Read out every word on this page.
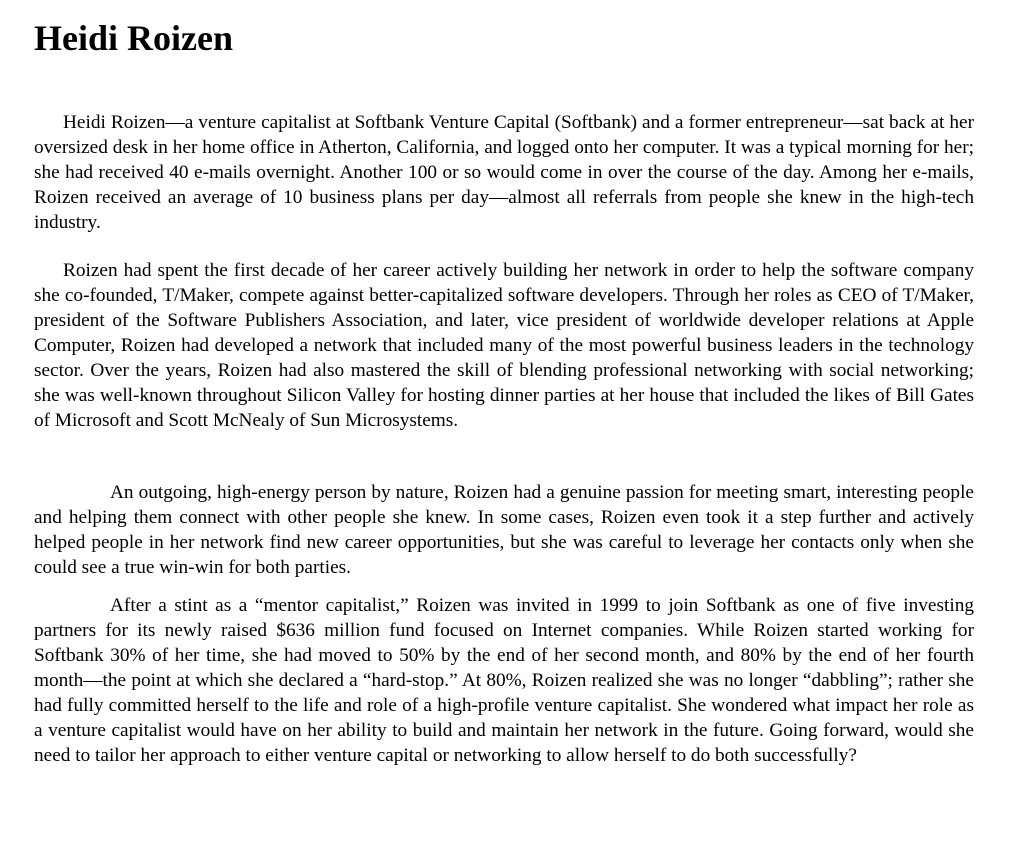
Heidi Roizen

Heidi Roizen—a venture capitalist at Softbank Venture Capital (Softbank) and a former entrepreneur—sat back at her oversized desk in her home office in Atherton, California, and logged onto her computer. It was a typical morning for her; she had received 40 e-mails overnight. Another 100 or so would come in over the course of the day. Among her e-mails, Roizen received an average of 10 business plans per day—almost all referrals from people she knew in the high-tech industry.

Roizen had spent the first decade of her career actively building her network in order to help the software company she co-founded, T/Maker, compete against better-capitalized software developers. Through her roles as CEO of T/Maker, president of the Software Publishers Association, and later, vice president of worldwide developer relations at Apple Computer, Roizen had developed a network that included many of the most powerful business leaders in the technology sector. Over the years, Roizen had also mastered the skill of blending professional networking with social networking; she was well-known throughout Silicon Valley for hosting dinner parties at her house that included the likes of Bill Gates of Microsoft and Scott McNealy of Sun Microsystems.

An outgoing, high-energy person by nature, Roizen had a genuine passion for meeting smart, interesting people and helping them connect with other people she knew. In some cases, Roizen even took it a step further and actively helped people in her network find new career opportunities, but she was careful to leverage her contacts only when she could see a true win-win for both parties.

After a stint as a “mentor capitalist,” Roizen was invited in 1999 to join Softbank as one of five investing partners for its newly raised $636 million fund focused on Internet companies. While Roizen started working for Softbank 30% of her time, she had moved to 50% by the end of her second month, and 80% by the end of her fourth month—the point at which she declared a “hard-stop.” At 80%, Roizen realized she was no longer “dabbling”; rather she had fully committed herself to the life and role of a high-profile venture capitalist. She wondered what impact her role as a venture capitalist would have on her ability to build and maintain her network in the future. Going forward, would she need to tailor her approach to either venture capital or networking to allow herself to do both successfully?
